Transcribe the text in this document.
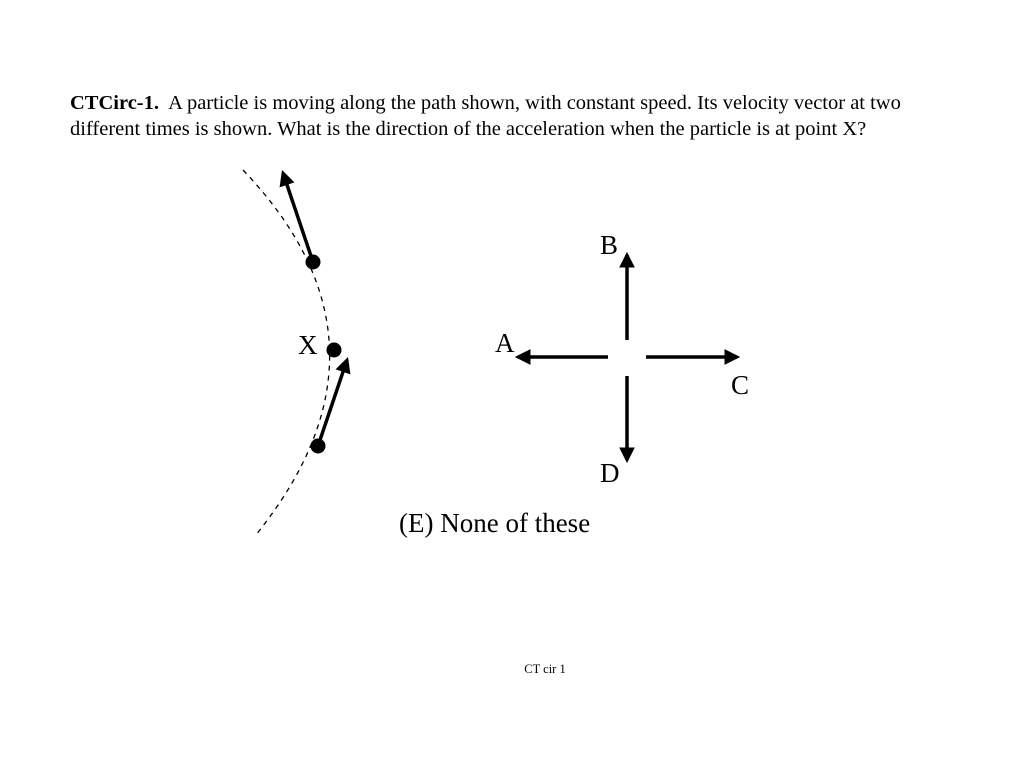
CTCirc-1. A particle is moving along the path shown, with constant speed. Its velocity vector at two different times is shown. What is the direction of the acceleration when the particle is at point X?

X
B
A
C
D
(E) None of these
CT cir 1
